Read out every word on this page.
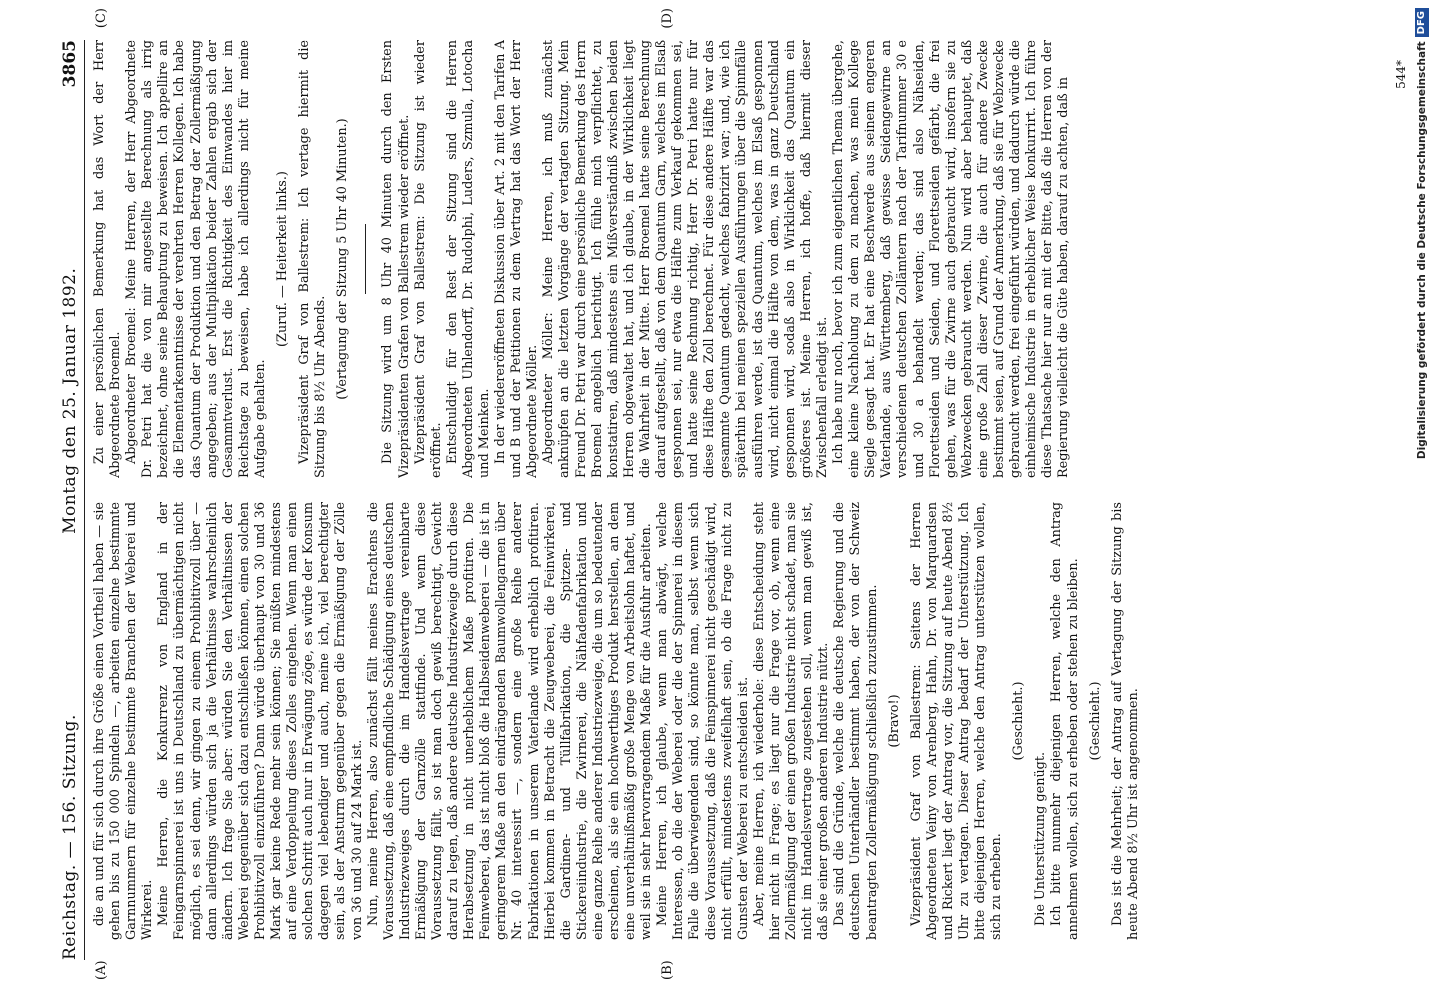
Reichstag. — 156. Sitzung.
Montag den 25. Januar 1892.
3865
(A)	(B)
(C)	(D)

die an und für sich durch ihre Größe einen Vortheil haben — sie gehen bis zu 150 000 Spindeln —, arbeiten einzelne bestimmte Garnnummern für einzelne bestimmte Branchen der Weberei und Wirkerei. Meine Herren, die Konkurrenz von England in der Feingarnspinnerei ist uns in Deutschland zu übermächtigen nicht möglich, es sei denn, wir gingen zu einem Prohibitivzoll über — dann allerdings würden sich ja die Verhältnisse wahrscheinlich ändern. Ich frage Sie aber: würden Sie den Verhältnissen der Weberei gegenüber sich dazu entschließen können, einen solchen Prohibitivzoll einzuführen? Dann würde überhaupt von 30 und 36 Mark gar keine Rede mehr sein können; Sie müßten mindestens auf eine Verdoppelung dieses Zolles eingehen. Wenn man einen solchen Schritt auch nur in Erwägung zöge, es würde der Konsum dagegen viel lebendiger und auch, meine ich, viel berechtigter sein, als der Ansturm gegenüber gegen die Ermäßigung der Zölle von 36 und 30 auf 24 Mark ist. Nun, meine Herren, also zunächst fällt meines Erachtens die Voraussetzung, daß eine empfindliche Schädigung eines deutschen Industriezweiges durch die im Handelsvertrage vereinbarte Ermäßigung der Garnzölle stattfinde. Und wenn diese Voraussetzung fällt, so ist man doch gewiß berechtigt, Gewicht darauf zu legen, daß andere deutsche Industriezweige durch diese Herabsetzung in nicht unerheblichem Maße profitiren. Die Feinweberei, das ist nicht bloß die Halbseidenweberei — die ist in geringerem Maße an den eindrängenden Baumwollengarnen über Nr. 40 interessirt —, sondern eine große Reihe anderer Fabrikationen in unserem Vaterlande wird erheblich profitiren. Hierbei kommen in Betracht die Zeugweberei, die Feinwirkerei, die Gardinen- und Tüllfabrikation, die Spitzen- und Stickereiindustrie, die Zwirnerei, die Nähfadenfabrikation und eine ganze Reihe anderer Industriezweige, die um so bedeutender erscheinen, als sie ein hochwerthiges Produkt herstellen, an dem eine unverhältnißmäßig große Menge von Arbeitslohn haftet, und weil sie in sehr hervorragendem Maße für die Ausfuhr arbeiten. Meine Herren, ich glaube, wenn man abwägt, welche Interessen, ob die der Weberei oder die der Spinnerei in diesem Falle die überwiegenden sind, so könnte man, selbst wenn sich diese Voraussetzung, daß die Feinspinnerei nicht geschädigt wird, nicht erfüllt, mindestens zweifelhaft sein, ob die Frage nicht zu Gunsten der Weberei zu entscheiden ist. Aber, meine Herren, ich wiederhole: diese Entscheidung steht hier nicht in Frage; es liegt nur die Frage vor, ob, wenn eine Zollermäßigung der einen großen Industrie nicht schadet, man sie nicht im Handelsvertrage zugestehen soll, wenn man gewiß ist, daß sie einer großen anderen Industrie nützt. Das sind die Gründe, welche die deutsche Regierung und die deutschen Unterhändler bestimmt haben, der von der Schweiz beantragten Zollermäßigung schließlich zuzustimmen. (Bravo!) Vizepräsident Graf von Ballestrem: Seitens der Herren Abgeordneten Veiny von Arenberg, Hahn, Dr. von Marquardsen und Rickert liegt der Antrag vor, die Sitzung auf heute Abend 8½ Uhr zu vertagen. Dieser Antrag bedarf der Unterstützung. Ich bitte diejenigen Herren, welche den Antrag unterstützen wollen, sich zu erheben.

(Geschieht.)

Die Unterstützung genügt. Ich bitte nunmehr diejenigen Herren, welche den Antrag annehmen wollen, sich zu erheben oder stehen zu bleiben. (Geschieht.) Das ist die Mehrheit; der Antrag auf Vertagung der Sitzung bis heute Abend 8½ Uhr ist angenommen.

Zu einer persönlichen Bemerkung hat das Wort der Herr Abgeordnete Broemel. Abgeordneter Broemel: Meine Herren, der Herr Abgeordnete Dr. Petri hat die von mir angestellte Berechnung als irrig bezeichnet, ohne seine Behauptung zu beweisen. Ich appellire an die Elementarkenntnisse der verehrten Herren Kollegen. Ich habe das Quantum der Produktion und den Betrag der Zollermäßigung angegeben; aus der Multiplikation beider Zahlen ergab sich der Gesammtverlust. Erst die Richtigkeit des Einwandes hier im Reichstage zu beweisen, habe ich allerdings nicht für meine Aufgabe gehalten.

(Zuruf. — Heiterkeit links.) Vizepräsident Graf von Ballestrem: Ich vertage hiermit die Sitzung bis 8½ Uhr Abends. (Vertagung der Sitzung 5 Uhr 40 Minuten.) Die Sitzung wird um 8 Uhr 40 Minuten durch den Ersten Vizepräsidenten Grafen von Ballestrem wieder eröffnet. Vizepräsident Graf von Ballestrem: Die Sitzung ist wieder eröffnet. Entschuldigt für den Rest der Sitzung sind die Herren Abgeordneten Uhlendorff, Dr. Rudolphi, Luders, Szmula, Lotocha und Meinken. In der wiedereröffneten Diskussion über Art. 2 mit den Tarifen A und B und der Petitionen zu dem Vertrag hat das Wort der Herr Abgeordnete Möller. Abgeordneter Möller: Meine Herren, ich muß zunächst anknüpfen an die letzten Vorgänge der vertagten Sitzung. Mein Freund Dr. Petri war durch eine persönliche Bemerkung des Herrn Broemel angeblich berichtigt. Ich fühle mich verpflichtet, zu konstatiren, daß mindestens ein Mißverständniß zwischen beiden Herren obgewaltet hat, und ich glaube, in der Wirklichkeit liegt die Wahrheit in der Mitte. Herr Broemel hatte seine Berechnung darauf aufgestellt, daß von dem Quantum Garn, welches im Elsaß gesponnen sei, nur etwa die Hälfte zum Verkauf gekommen sei, und hatte seine Rechnung richtig, Herr Dr. Petri hatte nur für diese Hälfte den Zoll berechnet. Für diese andere Hälfte war das gesammte Quantum gedacht, welches fabrizirt war; und, wie ich späterhin bei meinen speziellen Ausführungen über die Spinnfälle ausführen werde, ist das Quantum, welches im Elsaß gesponnen wird, nicht einmal die Hälfte von dem, was in ganz Deutschland gesponnen wird, sodaß also in Wirklichkeit das Quantum ein größeres ist. Meine Herren, ich hoffe, daß hiermit dieser Zwischenfall erledigt ist. Ich habe nur noch, bevor ich zum eigentlichen Thema übergehe, eine kleine Nachholung zu dem zu machen, was mein Kollege Siegle gesagt hat. Er hat eine Beschwerde aus seinem engeren Vaterlande, aus Württemberg, daß gewisse Seidengewirne an verschiedenen deutschen Zollämtern nach der Tarifnummer 30 e und 30 a behandelt werden; das sind also Nähseiden, Florettseiden und Seiden, und Florettseiden gefärbt, die frei gehen, was für die Zwirne auch gebraucht wird, insofern sie zu Webzwecken gebraucht werden. Nun wird aber behauptet, daß eine große Zahl dieser Zwirne, die auch für andere Zwecke bestimmt seien, auf Grund der Anmerkung, daß sie für Webzwecke gebraucht werden, frei eingeführt würden, und dadurch würde die einheimische Industrie in erheblicher Weise konkurrirt. Ich führe diese Thatsache hier nur an mit der Bitte, daß die Herren von der Regierung vielleicht die Güte haben, darauf zu achten, daß in

544* Digitalisierung gefördert durch die Deutsche Forschungsgemeinschaft
DFG
